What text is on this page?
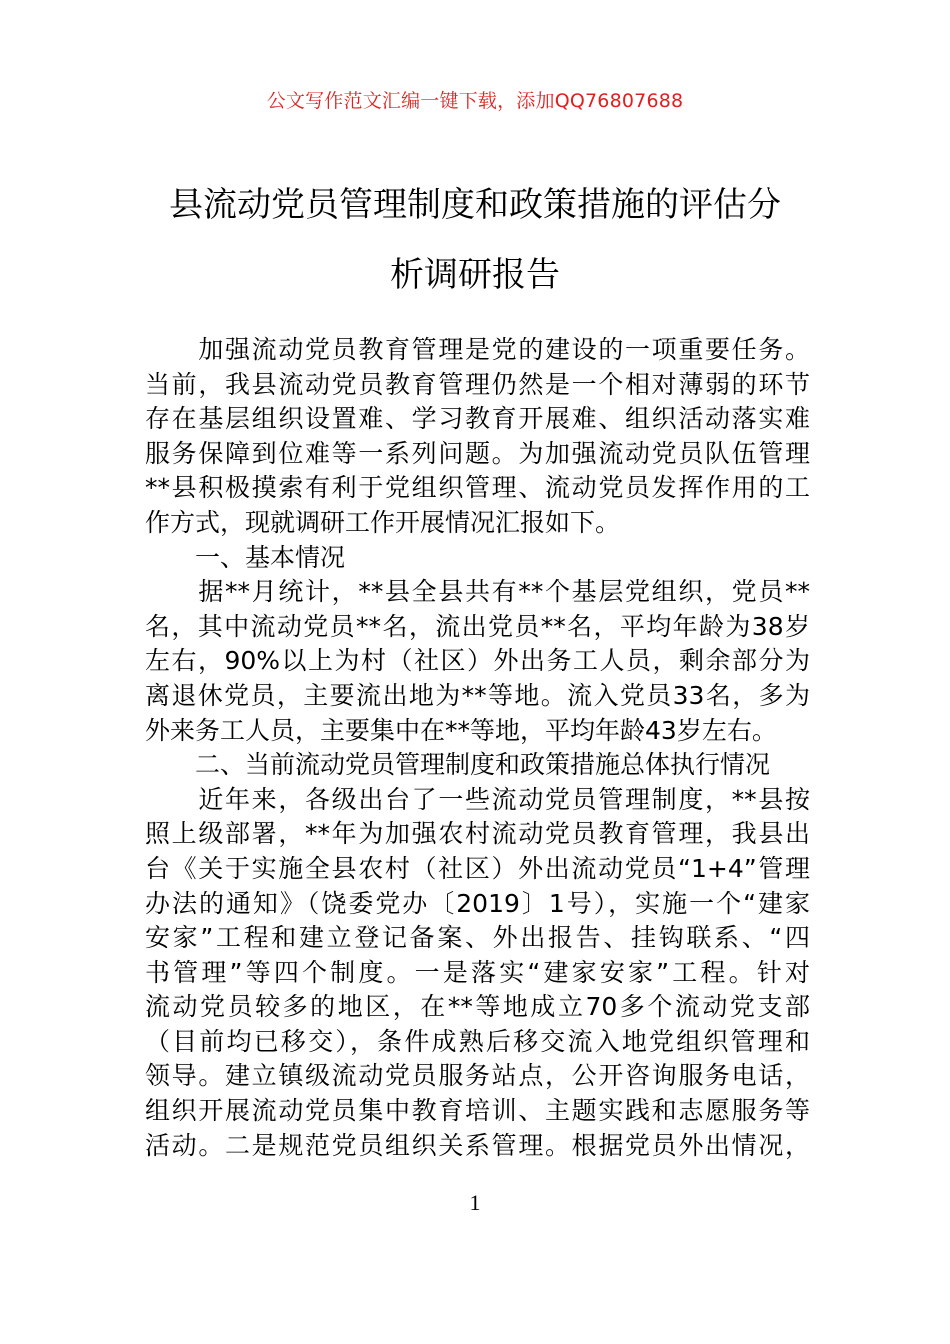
公文写作范文汇编一键下载，添加QQ76807688
县流动党员管理制度和政策措施的评估分
析调研报告
　　加强流动党员教育管理是党的建设的一项重要任务。
当前，我县流动党员教育管理仍然是一个相对薄弱的环节
存在基层组织设置难、学习教育开展难、组织活动落实难
服务保障到位难等一系列问题。为加强流动党员队伍管理
**县积极摸索有利于党组织管理、流动党员发挥作用的工
作方式，现就调研工作开展情况汇报如下。
　　一、基本情况
　　据**月统计，**县全县共有**个基层党组织，党员**
名，其中流动党员**名，流出党员**名，平均年龄为38岁
左右，90%以上为村（社区）外出务工人员，剩余部分为
离退休党员，主要流出地为**等地。流入党员33名，多为
外来务工人员，主要集中在**等地，平均年龄43岁左右。
　　二、当前流动党员管理制度和政策措施总体执行情况
　　近年来，各级出台了一些流动党员管理制度，**县按
照上级部署，**年为加强农村流动党员教育管理，我县出
台《关于实施全县农村（社区）外出流动党员“1+4”管理
办法的通知》（饶委党办〔2019〕1号），实施一个“建家
安家”工程和建立登记备案、外出报告、挂钩联系、“四
书管理”等四个制度。一是落实“建家安家”工程。针对
流动党员较多的地区，在**等地成立70多个流动党支部
（目前均已移交），条件成熟后移交流入地党组织管理和
领导。建立镇级流动党员服务站点，公开咨询服务电话，
组织开展流动党员集中教育培训、主题实践和志愿服务等
活动。二是规范党员组织关系管理。根据党员外出情况，
1
